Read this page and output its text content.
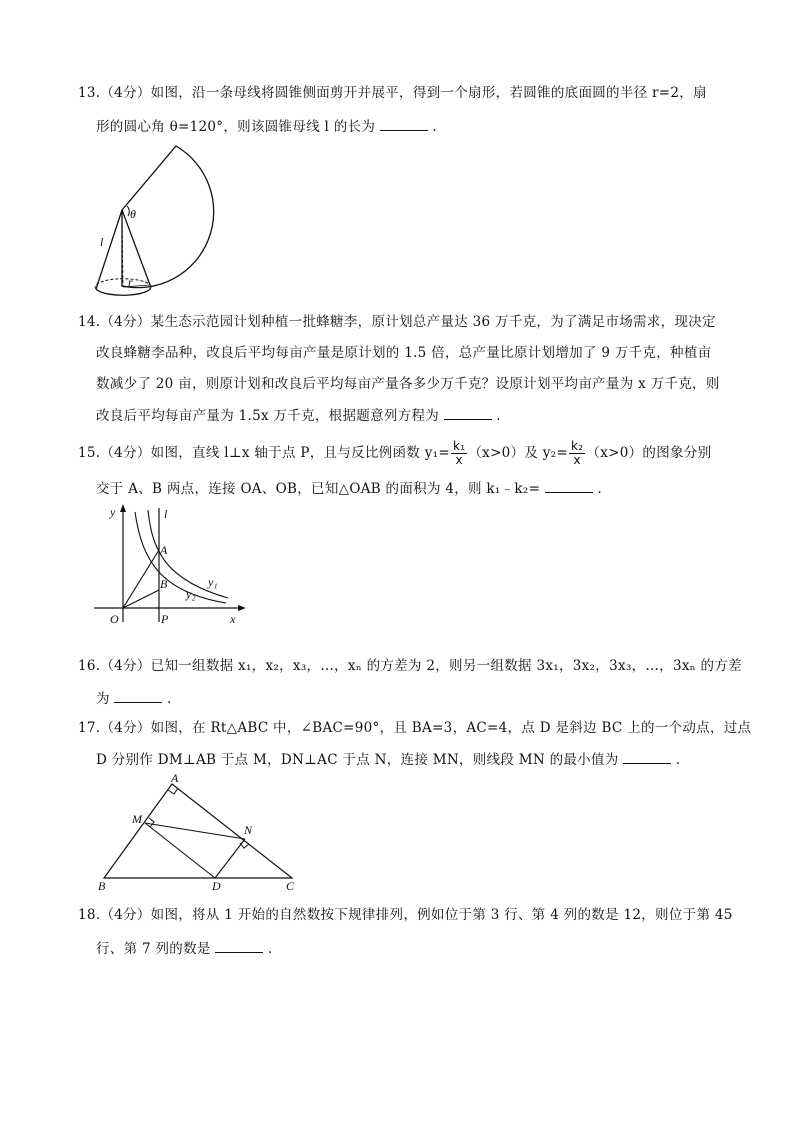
13.（4分）如图，沿一条母线将圆锥侧面剪开并展平，得到一个扇形，若圆锥的底面圆的半径 r=2，扇
形的圆心角 θ=120°，则该圆锥母线 l 的长为	.
θ
l
r
14.（4分）某生态示范园计划种植一批蜂糖李，原计划总产量达 36 万千克，为了满足市场需求，现决定
改良蜂糖李品种，改良后平均每亩产量是原计划的 1.5 倍，总产量比原计划增加了 9 万千克，种植亩
数减少了 20 亩，则原计划和改良后平均每亩产量各多少万千克？设原计划平均亩产量为 x 万千克，则
改良后平均每亩产量为 1.5x 万千克，根据题意列方程为	.
15.（4分）如图，直线 l⊥x 轴于点 P，且与反比例函数 $y_1= \frac{\text{k₁}}{x} (x>0)$及 $y_2= \frac{\text{k₂}}{x} (x>0)$的图象分别
交于 A、B 两点，连接 OA、OB，已知△OAB 的面积为 4，则 k₁﹣k₂=	.
y	l
A
B	y₁
y₂
O	P	x
16.（4分）已知一组数据 x₁，x₂，x₃，…，xₙ 的方差为 2，则另一组数据 3x₁，3x₂，3x₃，…，3xₙ 的方差
为	.
17.（4分）如图，在 Rt△ABC 中，∠BAC=90°，且 BA=3，AC=4，点 D 是斜边 BC 上的一个动点，过点
D 分别作 DM⊥AB 于点 M，DN⊥AC 于点 N，连接 MN，则线段 MN 的最小值为	.
A
M
N
B	D	C
18.（4分）如图，将从 1 开始的自然数按下规律排列，例如位于第 3 行、第 4 列的数是 12，则位于第 45
行、第 7 列的数是	.
